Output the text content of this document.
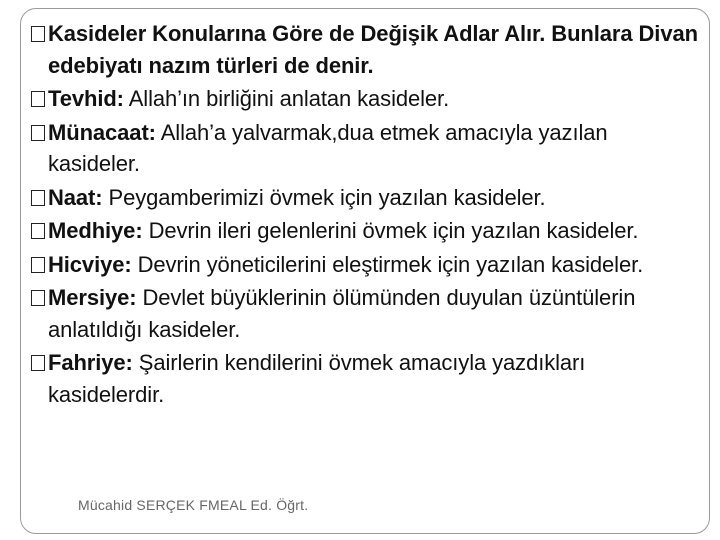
Kasideler Konularına Göre de Değişik Adlar Alır. Bunlara Divan edebiyatı nazım türleri de denir.
Tevhid: Allah’ın birliğini anlatan kasideler.
Münacaat: Allah’a yalvarmak,dua etmek amacıyla yazılan kasideler.
Naat: Peygamberimizi övmek için yazılan kasideler.
Medhiye: Devrin ileri gelenlerini övmek için yazılan kasideler.
Hicviye: Devrin yöneticilerini eleştirmek için yazılan kasideler.
Mersiye: Devlet büyüklerinin ölümünden duyulan üzüntülerin anlatıldığı kasideler.
Fahriye: Şairlerin kendilerini övmek amacıyla yazdıkları kasidelerdir.
Mücahid SERÇEK FMEAL Ed. Öğrt.
